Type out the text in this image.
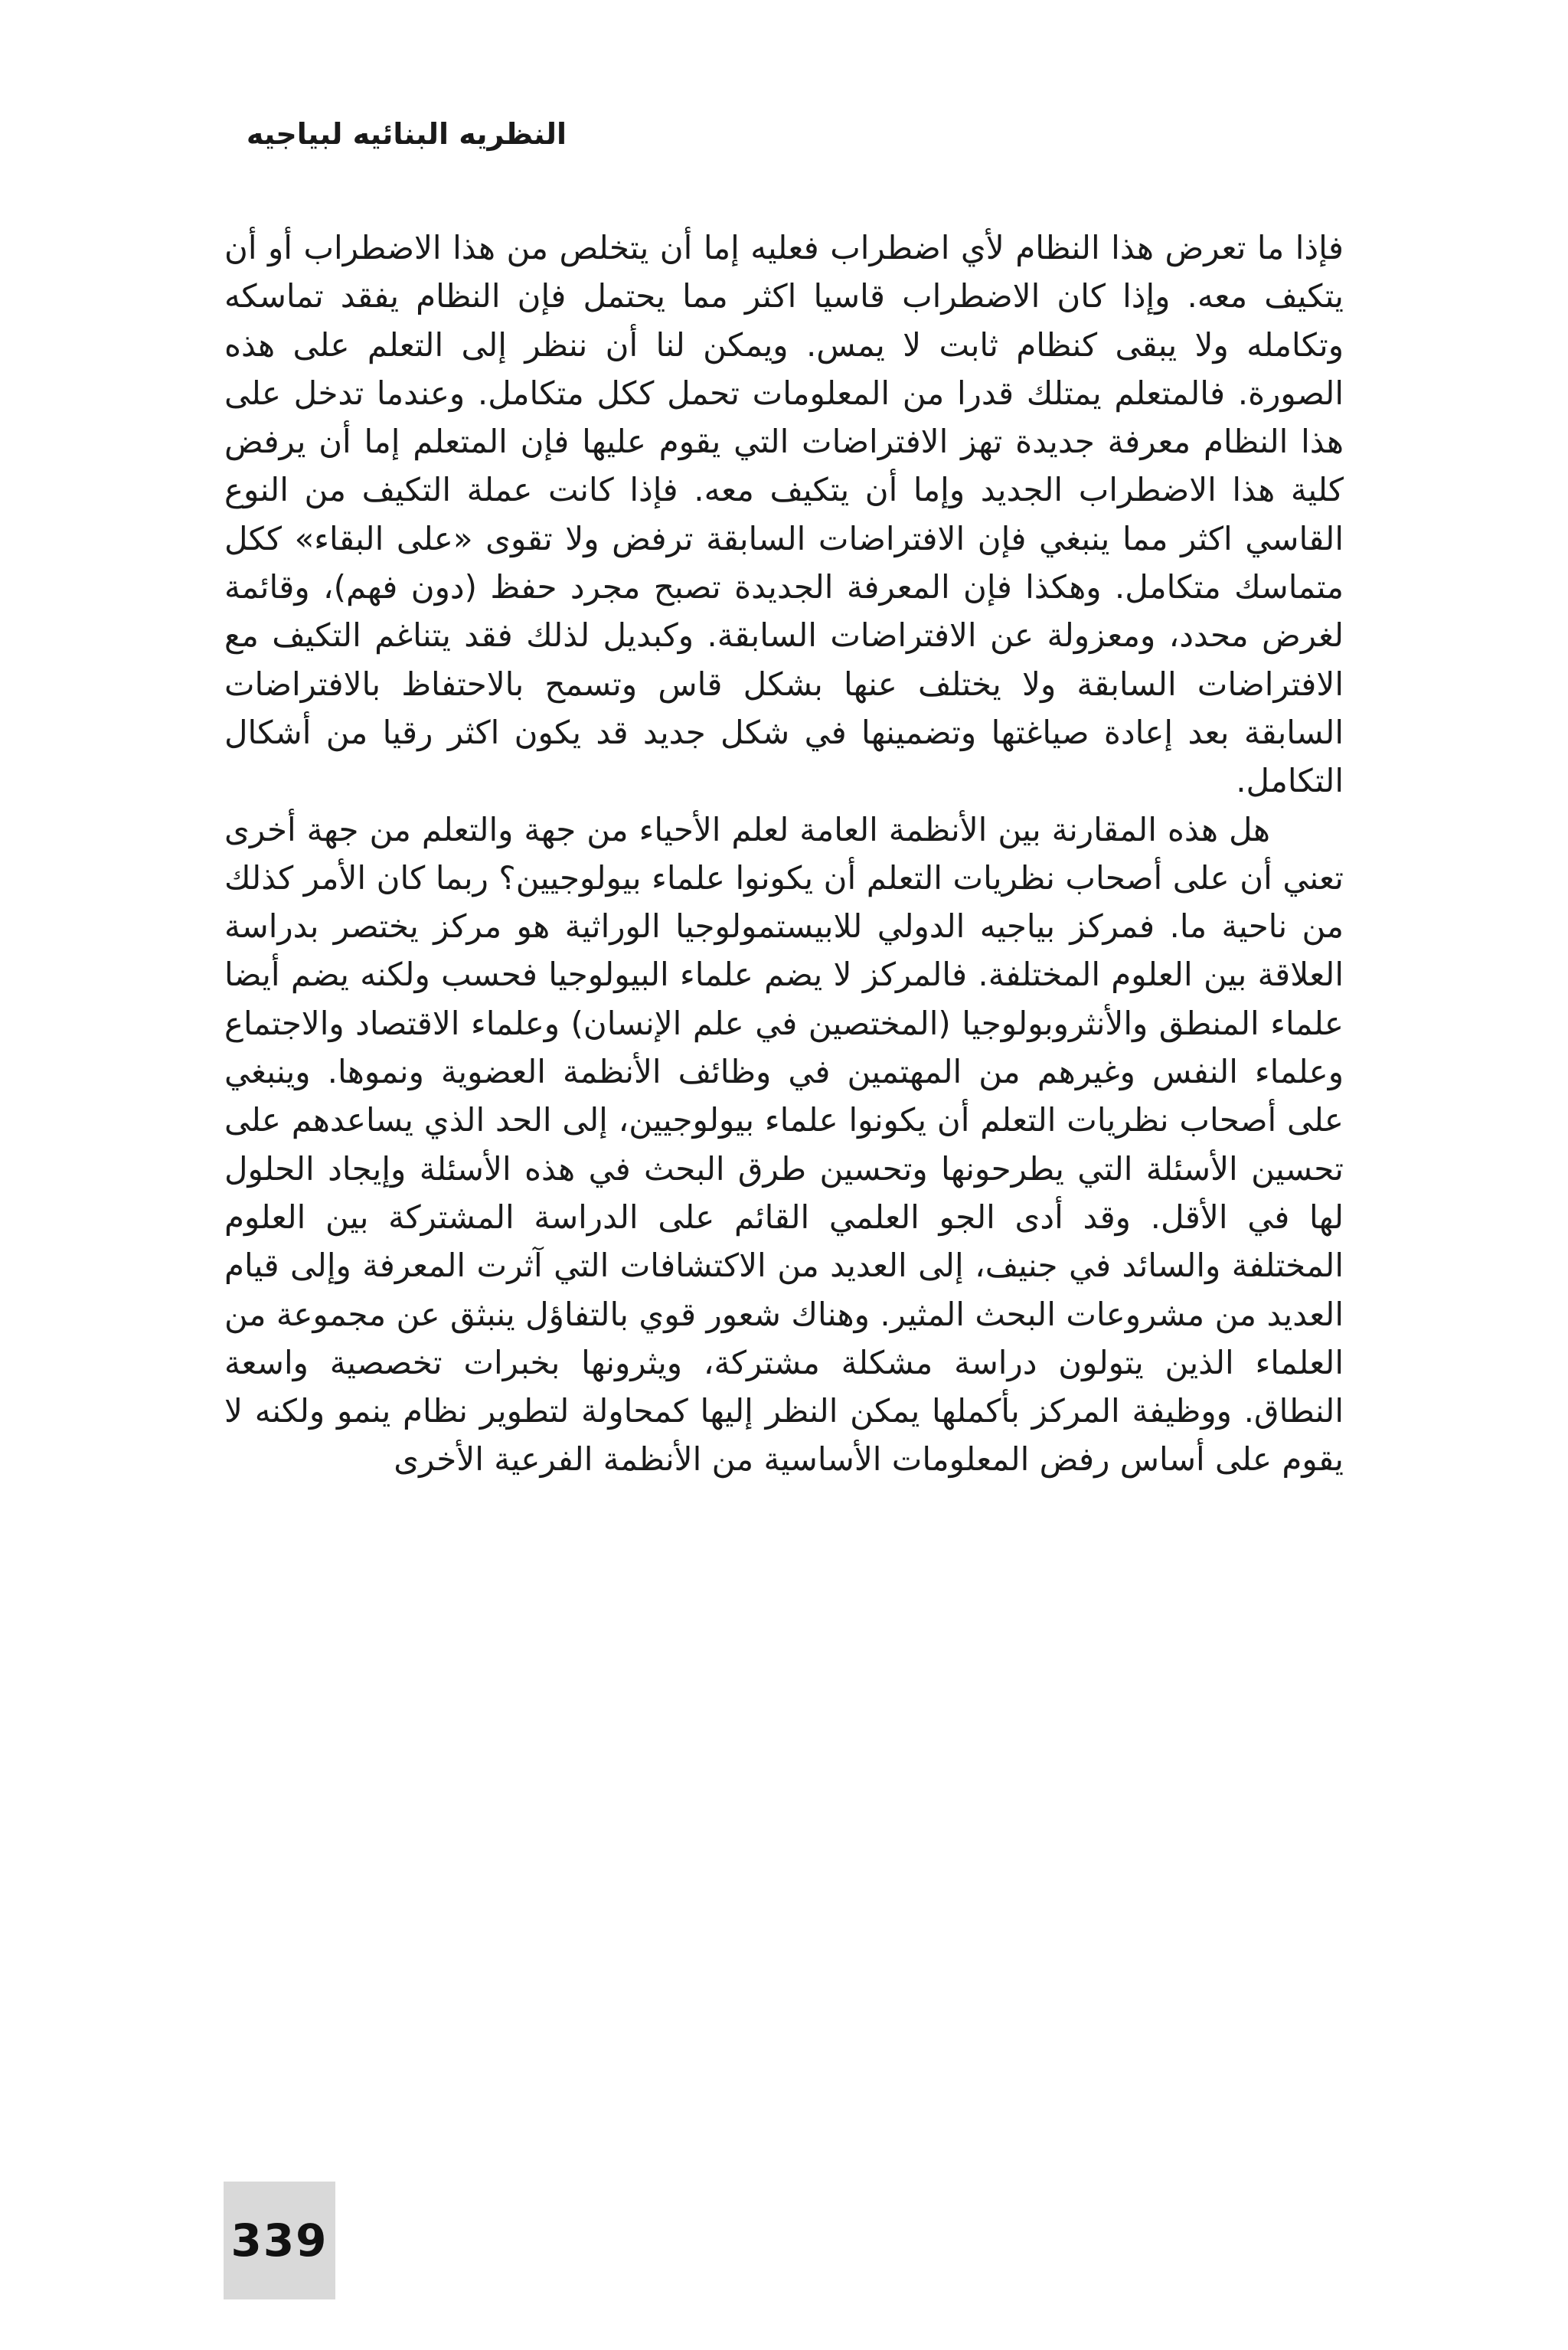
النظريه البنائيه لبياجيه

فإذا ما تعرض هذا النظام لأي اضطراب فعليه إما أن يتخلص من هذا الاضطراب أو أن يتكيف معه. وإذا كان الاضطراب قاسيا اكثر مما يحتمل فإن النظام يفقد تماسكه وتكامله ولا يبقى كنظام ثابت لا يمس. ويمكن لنا أن ننظر إلى التعلم على هذه الصورة. فالمتعلم يمتلك قدرا من المعلومات تحمل ككل متكامل. وعندما تدخل على هذا النظام معرفة جديدة تهز الافتراضات التي يقوم عليها فإن المتعلم إما أن يرفض كلية هذا الاضطراب الجديد وإما أن يتكيف معه. فإذا كانت عملة التكيف من النوع القاسي اكثر مما ينبغي فإن الافتراضات السابقة ترفض ولا تقوى «على البقاء» ككل متماسك متكامل. وهكذا فإن المعرفة الجديدة تصبح مجرد حفظ (دون فهم)، وقائمة لغرض محدد، ومعزولة عن الافتراضات السابقة. وكبديل لذلك فقد يتناغم التكيف مع الافتراضات السابقة ولا يختلف عنها بشكل قاس وتسمح بالاحتفاظ بالافتراضات السابقة بعد إعادة صياغتها وتضمينها في شكل جديد قد يكون اكثر رقيا من أشكال التكامل.

هل هذه المقارنة بين الأنظمة العامة لعلم الأحياء من جهة والتعلم من جهة أخرى تعني أن على أصحاب نظريات التعلم أن يكونوا علماء بيولوجيين؟ ربما كان الأمر كذلك من ناحية ما. فمركز بياجيه الدولي للابيستمولوجيا الوراثية هو مركز يختصر بدراسة العلاقة بين العلوم المختلفة. فالمركز لا يضم علماء البيولوجيا فحسب ولكنه يضم أيضا علماء المنطق والأنثروبولوجيا (المختصين في علم الإنسان) وعلماء الاقتصاد والاجتماع وعلماء النفس وغيرهم من المهتمين في وظائف الأنظمة العضوية ونموها. وينبغي على أصحاب نظريات التعلم أن يكونوا علماء بيولوجيين، إلى الحد الذي يساعدهم على تحسين الأسئلة التي يطرحونها وتحسين طرق البحث في هذه الأسئلة وإيجاد الحلول لها في الأقل. وقد أدى الجو العلمي القائم على الدراسة المشتركة بين العلوم المختلفة والسائد في جنيف، إلى العديد من الاكتشافات التي آثرت المعرفة وإلى قيام العديد من مشروعات البحث المثير. وهناك شعور قوي بالتفاؤل ينبثق عن مجموعة من العلماء الذين يتولون دراسة مشكلة مشتركة، ويثرونها بخبرات تخصصية واسعة النطاق. ووظيفة المركز بأكملها يمكن النظر إليها كمحاولة لتطوير نظام ينمو ولكنه لا يقوم على أساس رفض المعلومات الأساسية من الأنظمة الفرعية الأخرى

339
